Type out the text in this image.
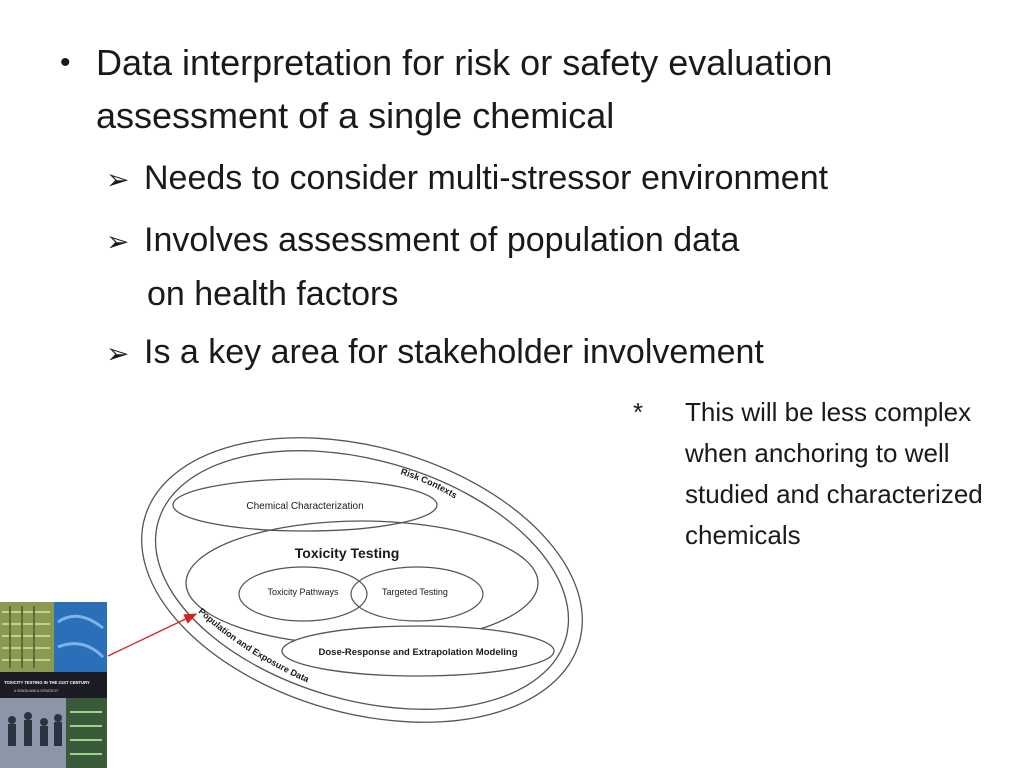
• Data interpretation for risk or safety evaluation assessment of a single chemical
➢ Needs to consider multi-stressor environment
➢ Involves assessment of population data
on health factors
➢ Is a key area for stakeholder involvement
* This will be less complex when anchoring to well studied and characterized chemicals
Chemical Characterization
Toxicity Testing
Toxicity Pathways	Targeted Testing
Dose-Response and Extrapolation Modeling
Risk Contexts
Population and Exposure Data
TOXICITY TESTING IN THE 21ST CENTURY
A VISION AND A STRATEGY
